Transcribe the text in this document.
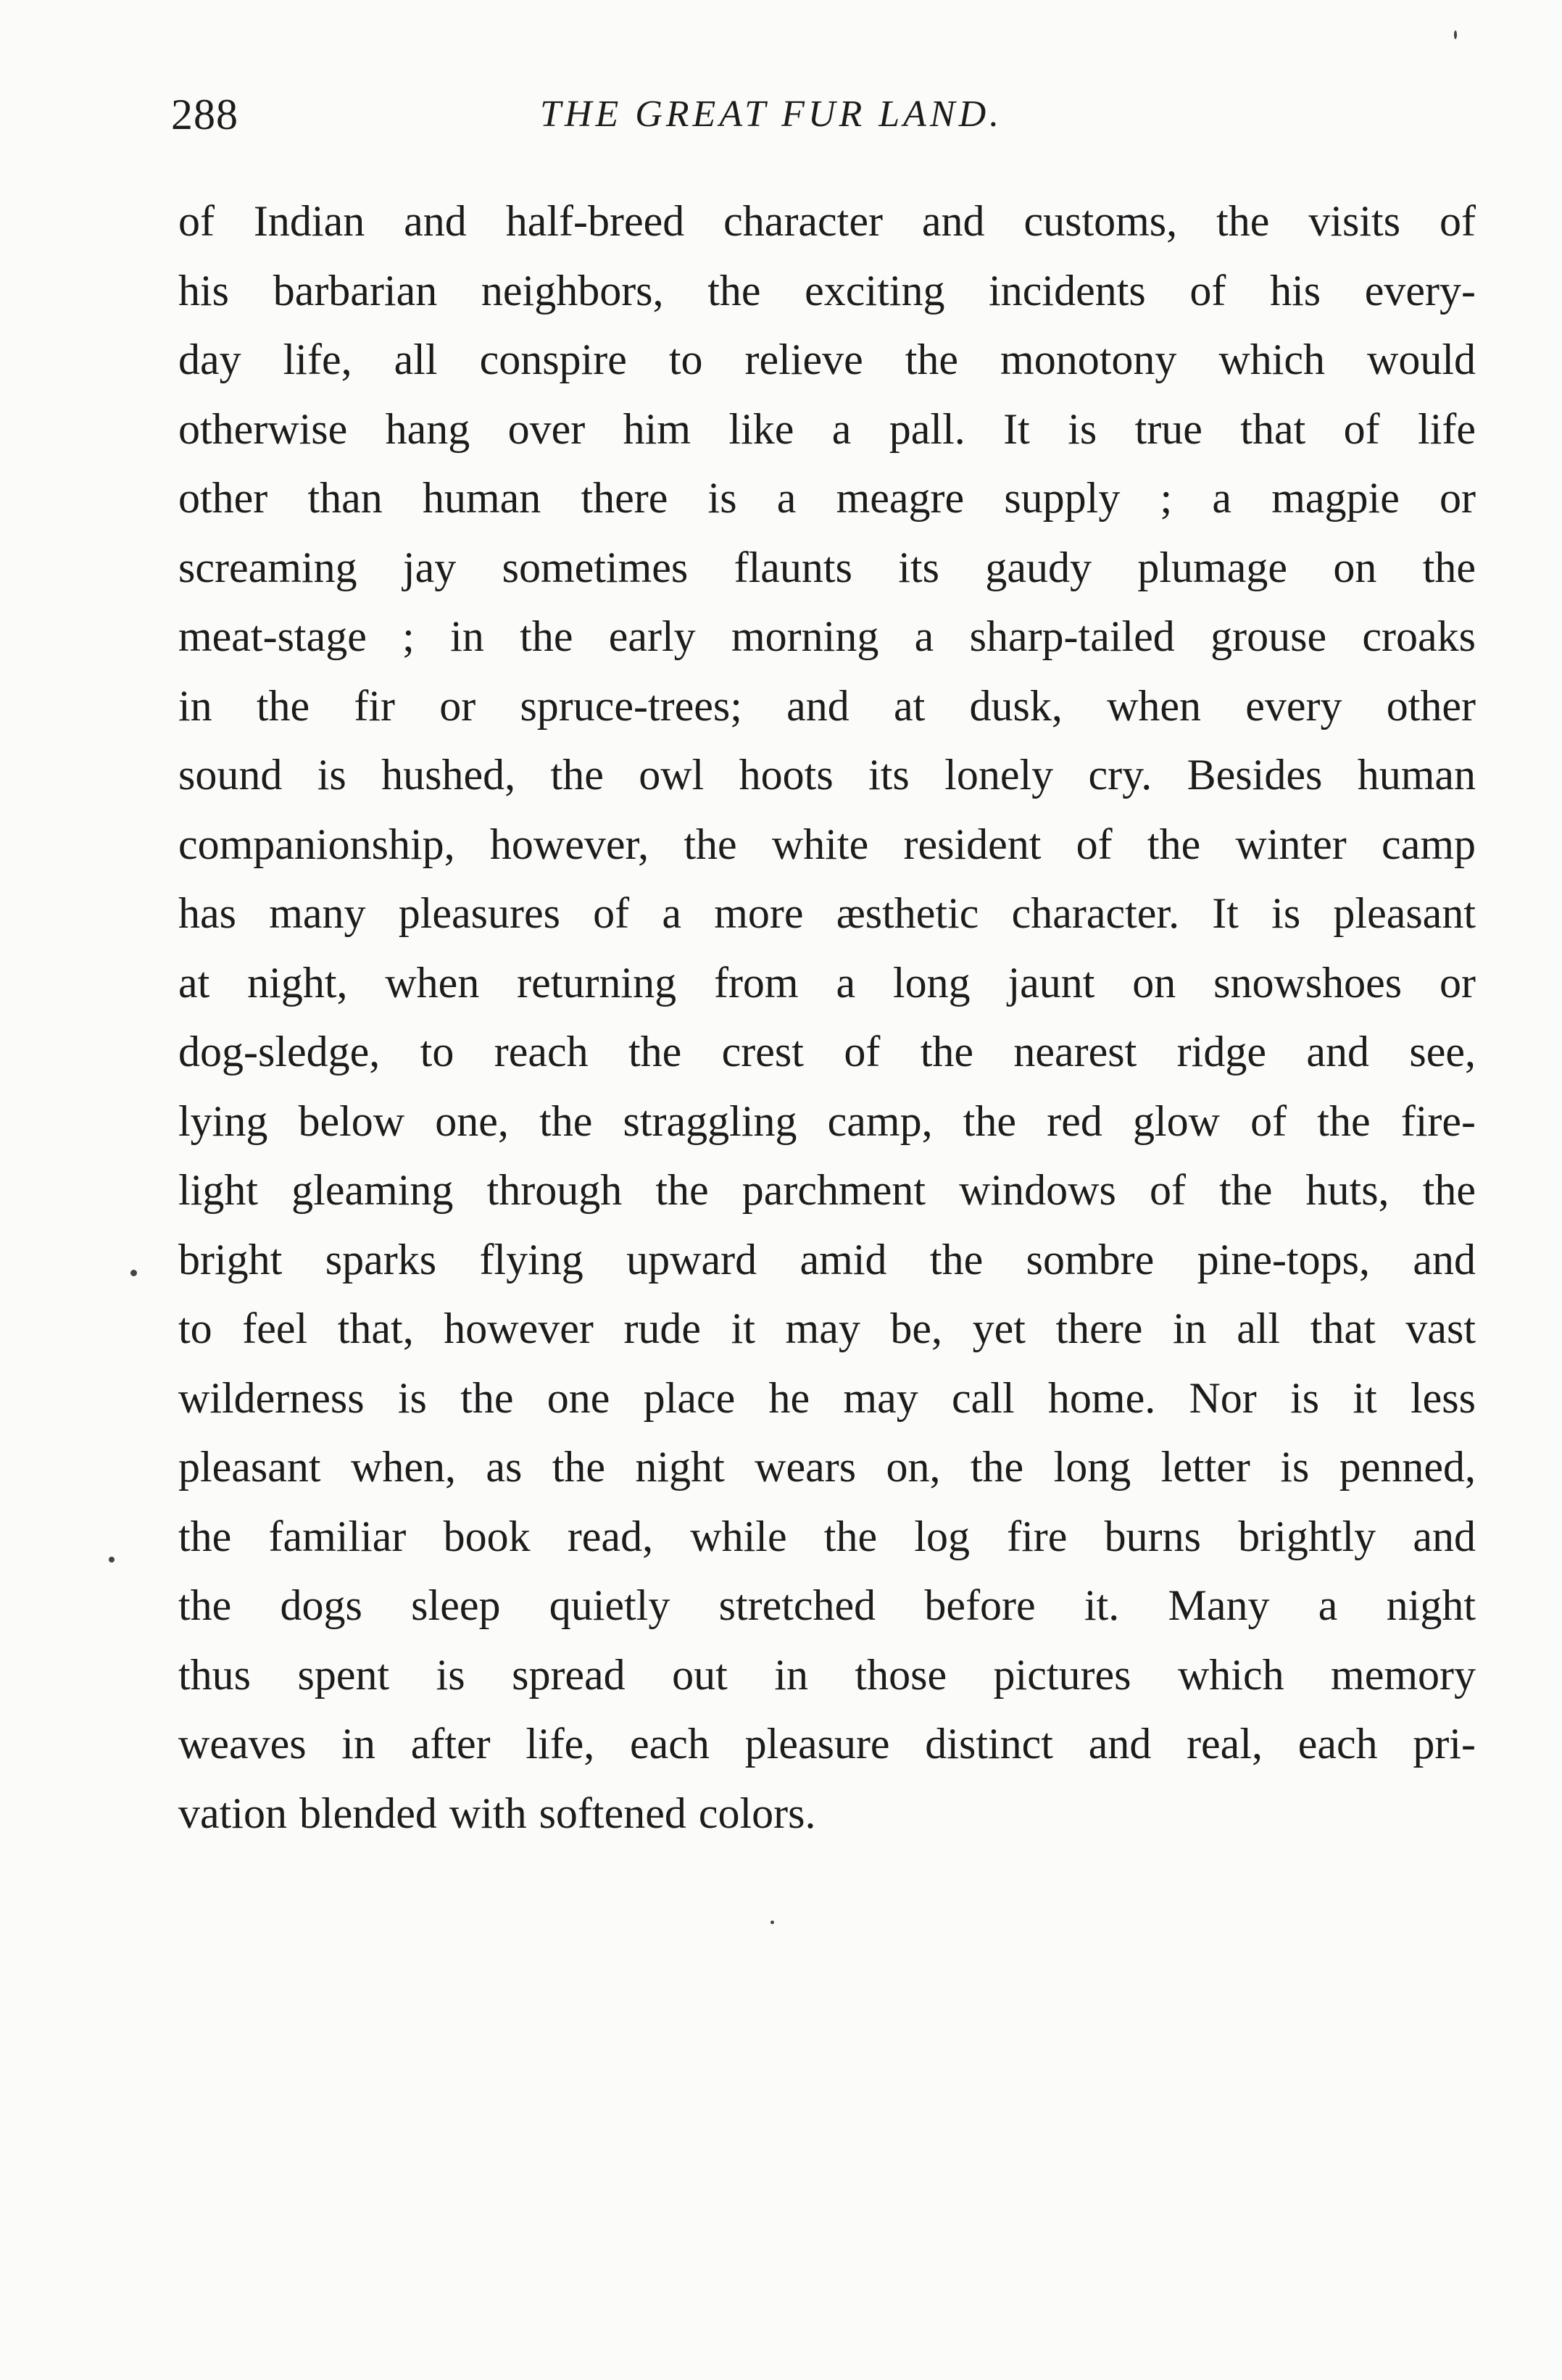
288	THE GREAT FUR LAND.
of Indian and half-breed character and customs, the visits of
his barbarian neighbors, the exciting incidents of his every-
day life, all conspire to relieve the monotony which would
otherwise hang over him like a pall. It is true that of life
other than human there is a meagre supply ; a magpie or
screaming jay sometimes flaunts its gaudy plumage on the
meat-stage ; in the early morning a sharp-tailed grouse croaks
in the fir or spruce-trees; and at dusk, when every other
sound is hushed, the owl hoots its lonely cry. Besides human
companionship, however, the white resident of the winter camp
has many pleasures of a more æsthetic character. It is pleasant
at night, when returning from a long jaunt on snowshoes or
dog-sledge, to reach the crest of the nearest ridge and see,
lying below one, the straggling camp, the red glow of the fire-
light gleaming through the parchment windows of the huts, the
bright sparks flying upward amid the sombre pine-tops, and
to feel that, however rude it may be, yet there in all that vast
wilderness is the one place he may call home. Nor is it less
pleasant when, as the night wears on, the long letter is penned,
the familiar book read, while the log fire burns brightly and
the dogs sleep quietly stretched before it. Many a night
thus spent is spread out in those pictures which memory
weaves in after life, each pleasure distinct and real, each pri-
vation blended with softened colors.
